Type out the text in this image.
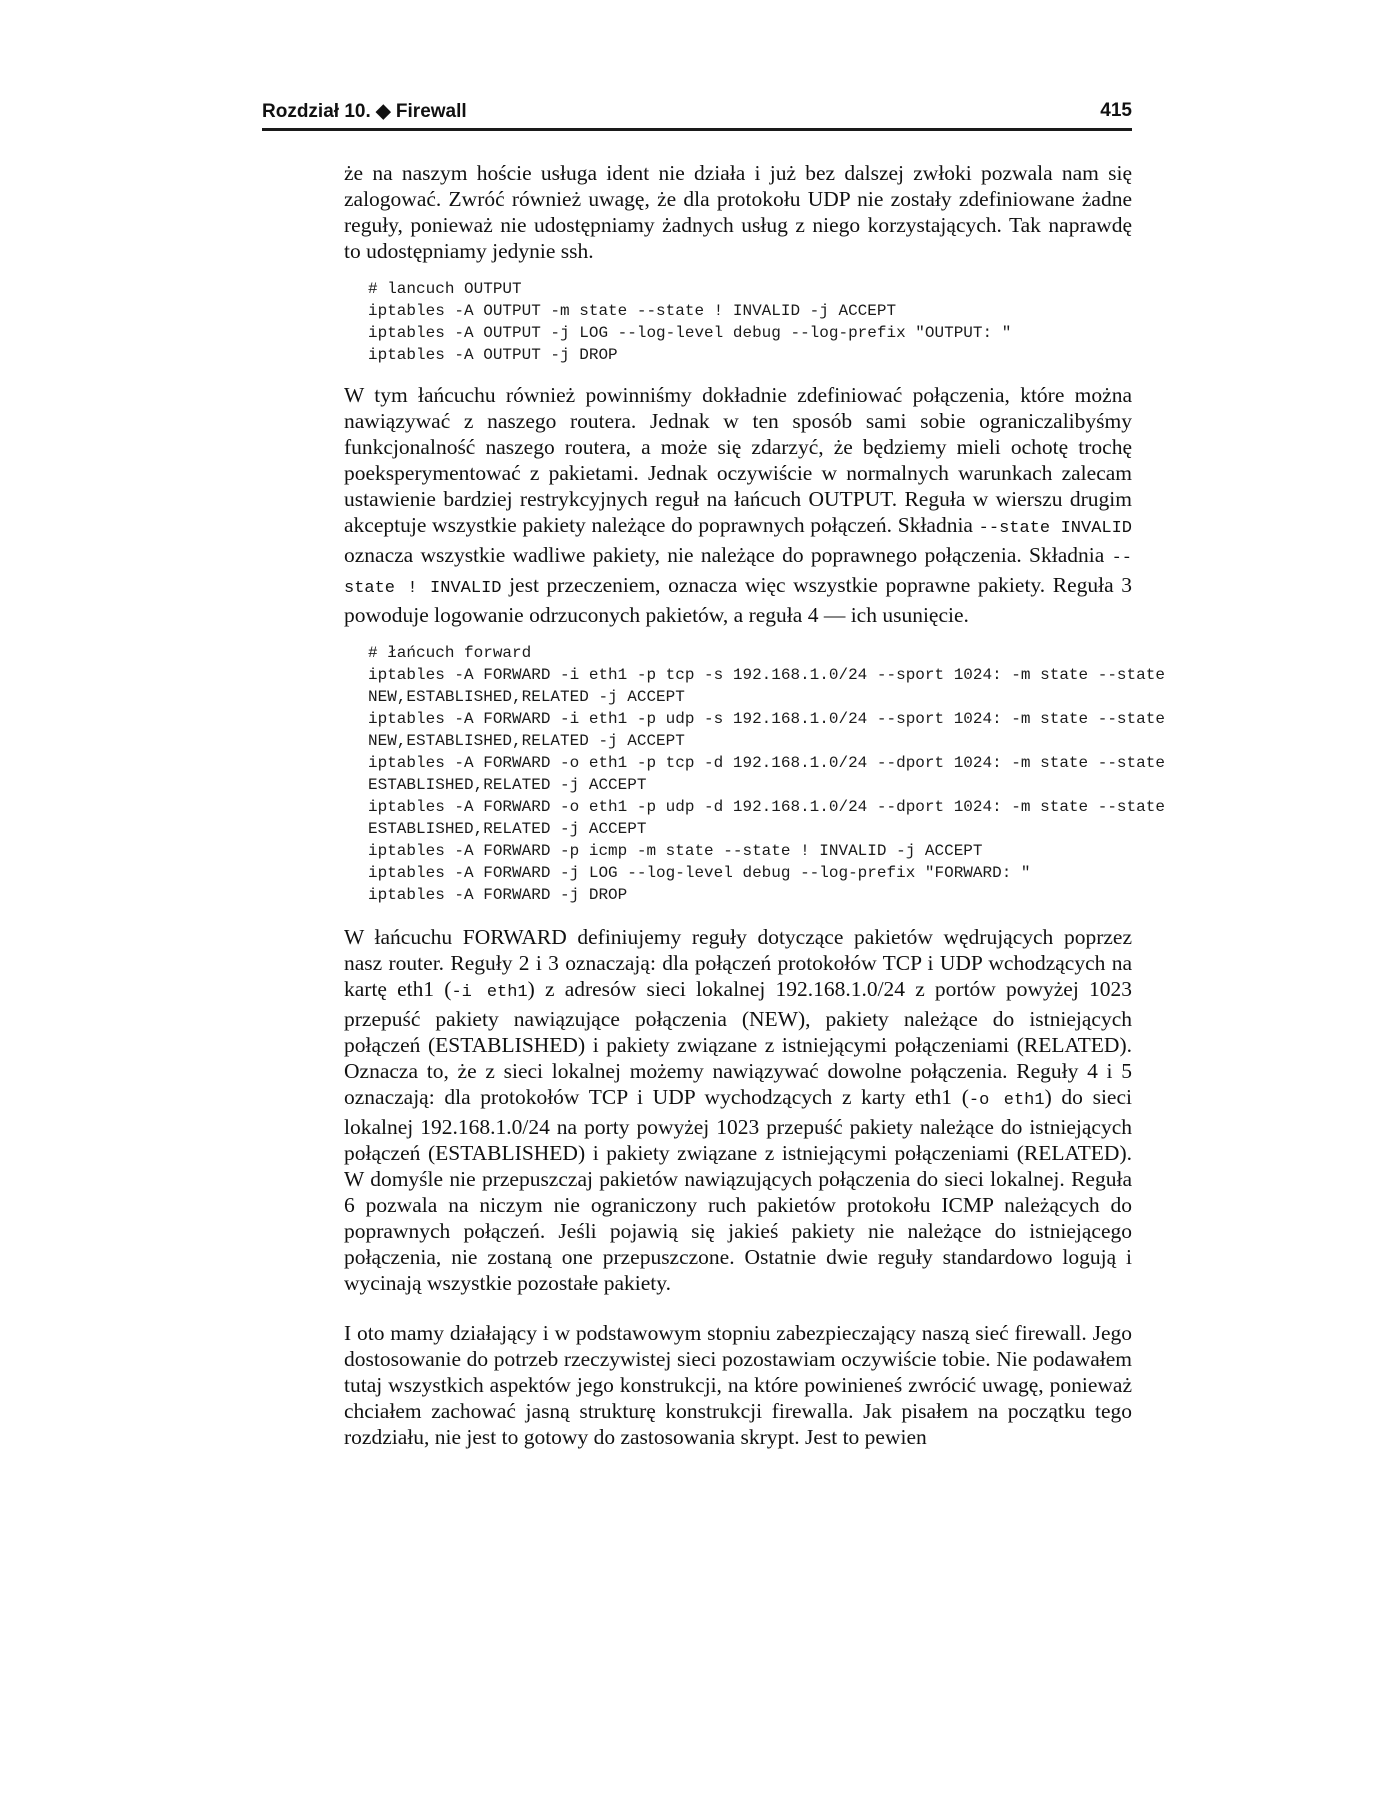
Rozdział 10. ◆ Firewall	415

że na naszym hoście usługa ident nie działa i już bez dalszej zwłoki pozwala nam się zalogować. Zwróć również uwagę, że dla protokołu UDP nie zostały zdefiniowane żadne reguły, ponieważ nie udostępniamy żadnych usług z niego korzystających. Tak naprawdę to udostępniamy jedynie ssh.

# lancuch OUTPUT
iptables -A OUTPUT -m state --state ! INVALID -j ACCEPT
iptables -A OUTPUT -j LOG --log-level debug --log-prefix "OUTPUT: "
iptables -A OUTPUT -j DROP

W tym łańcuchu również powinniśmy dokładnie zdefiniować połączenia, które można nawiązywać z naszego routera. Jednak w ten sposób sami sobie ograniczalibyśmy funkcjonalność naszego routera, a może się zdarzyć, że będziemy mieli ochotę trochę poeksperymentować z pakietami. Jednak oczywiście w normalnych warunkach zalecam ustawienie bardziej restrykcyjnych reguł na łańcuch OUTPUT. Reguła w wierszu drugim akceptuje wszystkie pakiety należące do poprawnych połączeń. Składnia --state INVALID oznacza wszystkie wadliwe pakiety, nie należące do poprawnego połączenia. Składnia --state ! INVALID jest przeczeniem, oznacza więc wszystkie poprawne pakiety. Reguła 3 powoduje logowanie odrzuconych pakietów, a reguła 4 — ich usunięcie.

# łańcuch forward
iptables -A FORWARD -i eth1 -p tcp -s 192.168.1.0/24 --sport 1024: -m state --state
NEW,ESTABLISHED,RELATED -j ACCEPT
iptables -A FORWARD -i eth1 -p udp -s 192.168.1.0/24 --sport 1024: -m state --state
NEW,ESTABLISHED,RELATED -j ACCEPT
iptables -A FORWARD -o eth1 -p tcp -d 192.168.1.0/24 --dport 1024: -m state --state
ESTABLISHED,RELATED -j ACCEPT
iptables -A FORWARD -o eth1 -p udp -d 192.168.1.0/24 --dport 1024: -m state --state
ESTABLISHED,RELATED -j ACCEPT
iptables -A FORWARD -p icmp -m state --state ! INVALID -j ACCEPT
iptables -A FORWARD -j LOG --log-level debug --log-prefix "FORWARD: "
iptables -A FORWARD -j DROP

W łańcuchu FORWARD definiujemy reguły dotyczące pakietów wędrujących poprzez nasz router. Reguły 2 i 3 oznaczają: dla połączeń protokołów TCP i UDP wchodzących na kartę eth1 (-i eth1) z adresów sieci lokalnej 192.168.1.0/24 z portów powyżej 1023 przepuść pakiety nawiązujące połączenia (NEW), pakiety należące do istniejących połączeń (ESTABLISHED) i pakiety związane z istniejącymi połączeniami (RELATED). Oznacza to, że z sieci lokalnej możemy nawiązywać dowolne połączenia. Reguły 4 i 5 oznaczają: dla protokołów TCP i UDP wychodzących z karty eth1 (-o eth1) do sieci lokalnej 192.168.1.0/24 na porty powyżej 1023 przepuść pakiety należące do istniejących połączeń (ESTABLISHED) i pakiety związane z istniejącymi połączeniami (RELATED). W domyśle nie przepuszczaj pakietów nawiązujących połączenia do sieci lokalnej. Reguła 6 pozwala na niczym nie ograniczony ruch pakietów protokołu ICMP należących do poprawnych połączeń. Jeśli pojawią się jakieś pakiety nie należące do istniejącego połączenia, nie zostaną one przepuszczone. Ostatnie dwie reguły standardowo logują i wycinają wszystkie pozostałe pakiety.

I oto mamy działający i w podstawowym stopniu zabezpieczający naszą sieć firewall. Jego dostosowanie do potrzeb rzeczywistej sieci pozostawiam oczywiście tobie. Nie podawałem tutaj wszystkich aspektów jego konstrukcji, na które powinieneś zwrócić uwagę, ponieważ chciałem zachować jasną strukturę konstrukcji firewalla. Jak pisałem na początku tego rozdziału, nie jest to gotowy do zastosowania skrypt. Jest to pewien
